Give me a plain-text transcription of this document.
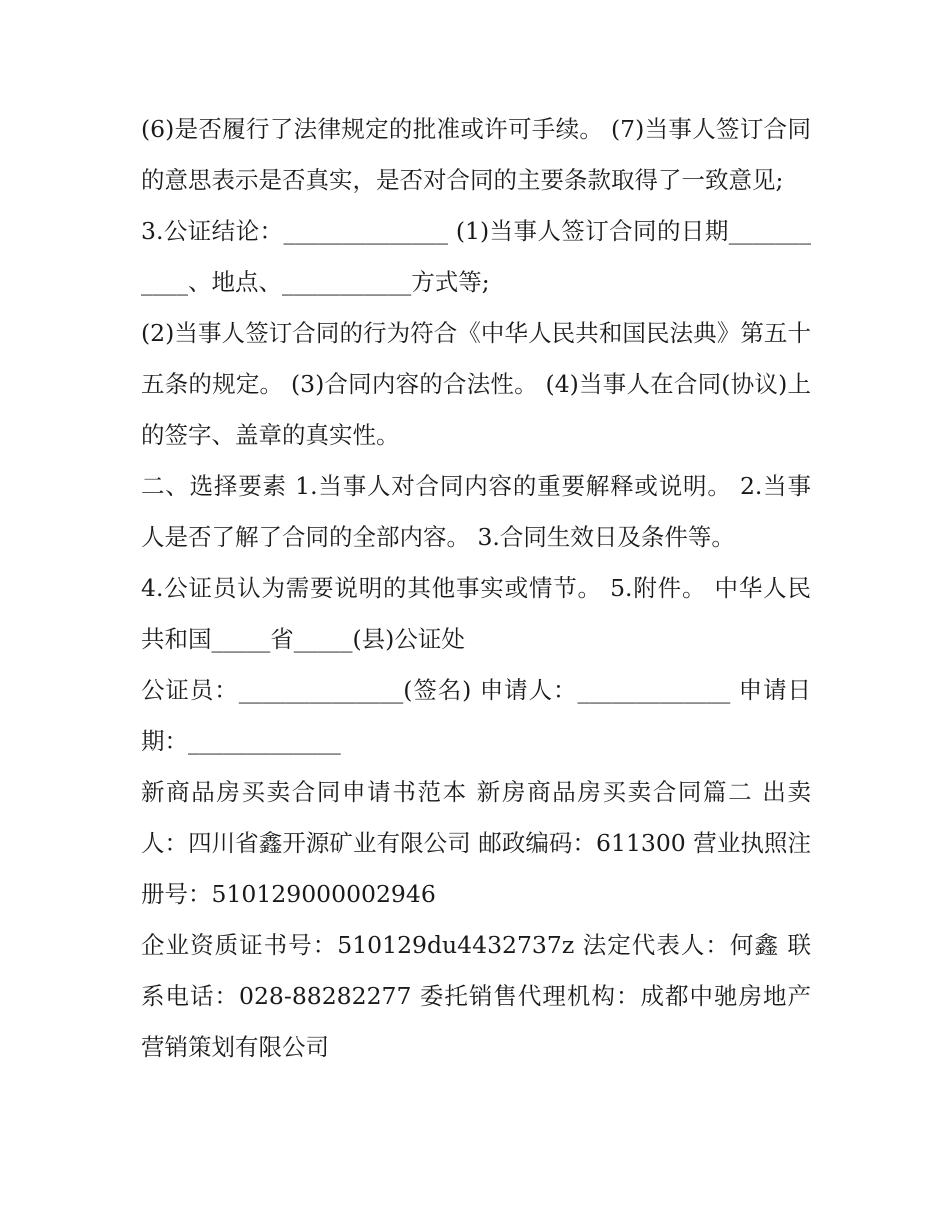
(6)是否履行了法律规定的批准或许可手续。 (7)当事人签订合同的意思表示是否真实，是否对合同的主要条款取得了一致意见;

3.公证结论：______________ (1)当事人签订合同的日期___________、地点、___________方式等;

(2)当事人签订合同的行为符合《中华人民共和国民法典》第五十五条的规定。 (3)合同内容的合法性。 (4)当事人在合同(协议)上的签字、盖章的真实性。

二、选择要素 1.当事人对合同内容的重要解释或说明。 2.当事人是否了解了合同的全部内容。 3.合同生效日及条件等。

4.公证员认为需要说明的其他事实或情节。 5.附件。 中华人民共和国_____省_____(县)公证处

公证员：______________(签名) 申请人：_____________ 申请日期：_____________

新商品房买卖合同申请书范本 新房商品房买卖合同篇二 出卖人：四川省鑫开源矿业有限公司 邮政编码：611300 营业执照注册号：510129000002946

企业资质证书号：510129du4432737z 法定代表人：何鑫 联系电话：028-88282277 委托销售代理机构：成都中驰房地产营销策划有限公司
